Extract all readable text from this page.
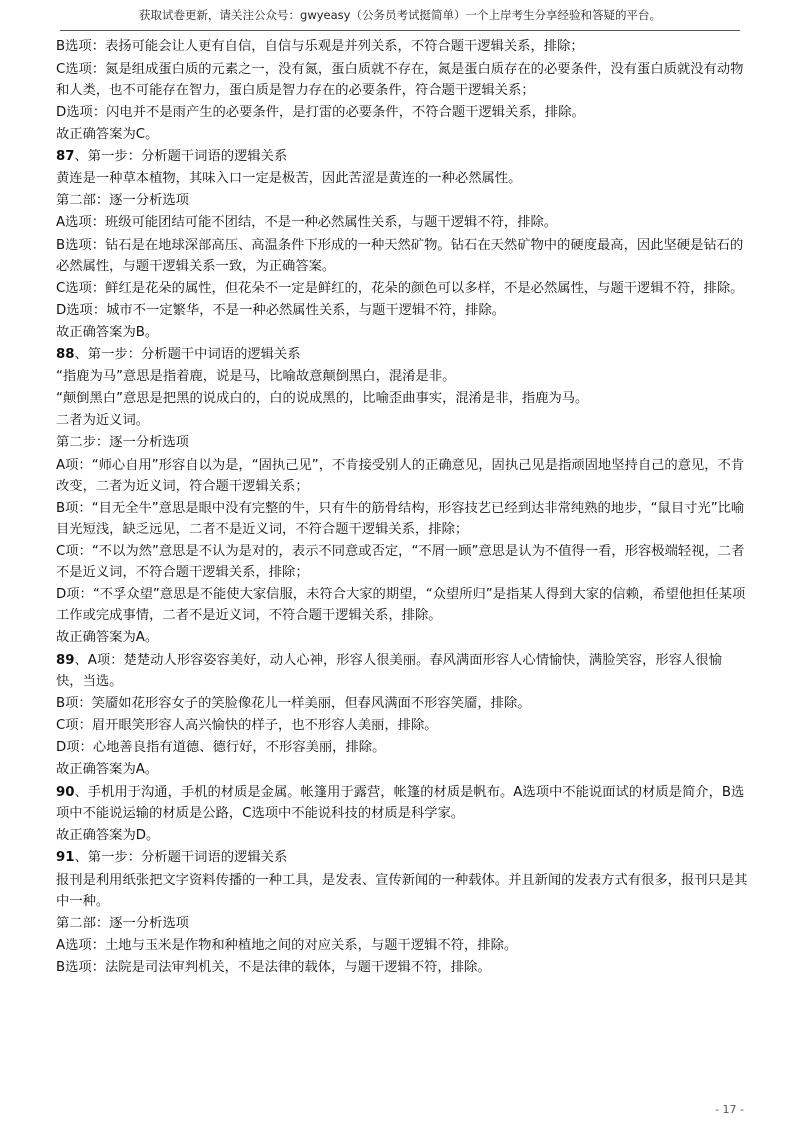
获取试卷更新，请关注公众号：gwyeasy（公务员考试挺简单）一个上岸考生分享经验和答疑的平台。

B选项：表扬可能会让人更有自信，自信与乐观是并列关系，不符合题干逻辑关系，排除；

C选项：氮是组成蛋白质的元素之一，没有氮，蛋白质就不存在，氮是蛋白质存在的必要条件，没有蛋白质就没有动物和人类，也不可能存在智力，蛋白质是智力存在的必要条件，符合题干逻辑关系；

D选项：闪电并不是雨产生的必要条件，是打雷的必要条件，不符合题干逻辑关系，排除。

故正确答案为C。

87、第一步：分析题干词语的逻辑关系

黄连是一种草本植物，其味入口一定是极苦，因此苦涩是黄连的一种必然属性。

第二部：逐一分析选项

A选项：班级可能团结可能不团结，不是一种必然属性关系，与题干逻辑不符，排除。

B选项：钻石是在地球深部高压、高温条件下形成的一种天然矿物。钻石在天然矿物中的硬度最高，因此坚硬是钻石的必然属性，与题干逻辑关系一致，为正确答案。

C选项：鲜红是花朵的属性，但花朵不一定是鲜红的，花朵的颜色可以多样，不是必然属性，与题干逻辑不符，排除。

D选项：城市不一定繁华，不是一种必然属性关系，与题干逻辑不符，排除。

故正确答案为B。

88、第一步：分析题干中词语的逻辑关系

“指鹿为马”意思是指着鹿，说是马，比喻故意颠倒黑白，混淆是非。

“颠倒黑白”意思是把黑的说成白的，白的说成黑的，比喻歪曲事实，混淆是非，指鹿为马。

二者为近义词。

第二步：逐一分析选项

A项：“师心自用”形容自以为是，“固执己见”，不肯接受别人的正确意见，固执己见是指顽固地坚持自己的意见，不肯改变，二者为近义词，符合题干逻辑关系；

B项：“目无全牛”意思是眼中没有完整的牛，只有牛的筋骨结构，形容技艺已经到达非常纯熟的地步，“鼠目寸光”比喻目光短浅，缺乏远见，二者不是近义词，不符合题干逻辑关系，排除；

C项：“不以为然”意思是不认为是对的，表示不同意或否定，“不屑一顾”意思是认为不值得一看，形容极端轻视，二者不是近义词，不符合题干逻辑关系，排除；

D项：“不孚众望”意思是不能使大家信服，未符合大家的期望，“众望所归”是指某人得到大家的信赖，希望他担任某项工作或完成事情，二者不是近义词，不符合题干逻辑关系，排除。

故正确答案为A。

89、A项：楚楚动人形容姿容美好，动人心神，形容人很美丽。春风满面形容人心情愉快，满脸笑容，形容人很愉快，当选。

B项：笑靥如花形容女子的笑脸像花儿一样美丽，但春风满面不形容笑靥，排除。

C项：眉开眼笑形容人高兴愉快的样子，也不形容人美丽，排除。

D项：心地善良指有道德、德行好，不形容美丽，排除。

故正确答案为A。

90、手机用于沟通，手机的材质是金属。帐篷用于露营，帐篷的材质是帆布。A选项中不能说面试的材质是简介，B选项中不能说运输的材质是公路，C选项中不能说科技的材质是科学家。

故正确答案为D。

91、第一步：分析题干词语的逻辑关系

报刊是利用纸张把文字资料传播的一种工具，是发表、宣传新闻的一种载体。并且新闻的发表方式有很多，报刊只是其中一种。

第二部：逐一分析选项

A选项：土地与玉米是作物和种植地之间的对应关系，与题干逻辑不符，排除。

B选项：法院是司法审判机关，不是法律的载体，与题干逻辑不符，排除。

- 17 -
